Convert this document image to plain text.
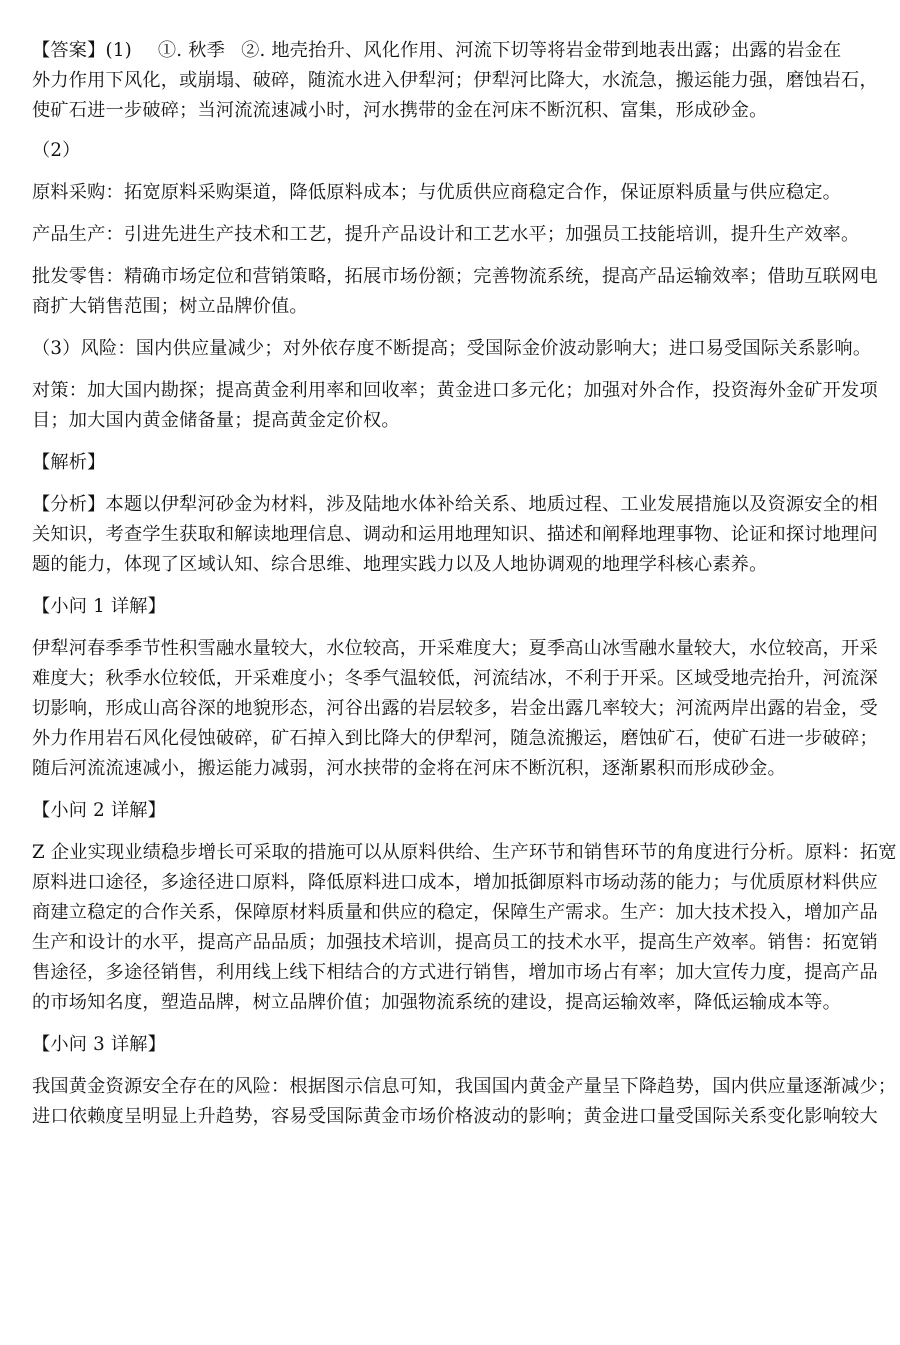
【答案】(1) ①. 秋季 ②. 地壳抬升、风化作用、河流下切等将岩金带到地表出露；出露的岩金在

外力作用下风化，或崩塌、破碎，随流水进入伊犁河；伊犁河比降大，水流急，搬运能力强，磨蚀岩石，

使矿石进一步破碎；当河流流速减小时，河水携带的金在河床不断沉积、富集，形成砂金。

（2）

原料采购：拓宽原料采购渠道，降低原料成本；与优质供应商稳定合作，保证原料质量与供应稳定。

产品生产：引进先进生产技术和工艺，提升产品设计和工艺水平；加强员工技能培训，提升生产效率。

批发零售：精确市场定位和营销策略，拓展市场份额；完善物流系统，提高产品运输效率；借助互联网电

商扩大销售范围；树立品牌价值。

（3）风险：国内供应量减少；对外依存度不断提高；受国际金价波动影响大；进口易受国际关系影响。

对策：加大国内勘探；提高黄金利用率和回收率；黄金进口多元化；加强对外合作，投资海外金矿开发项

目；加大国内黄金储备量；提高黄金定价权。

【解析】

【分析】本题以伊犁河砂金为材料，涉及陆地水体补给关系、地质过程、工业发展措施以及资源安全的相

关知识，考查学生获取和解读地理信息、调动和运用地理知识、描述和阐释地理事物、论证和探讨地理问

题的能力，体现了区域认知、综合思维、地理实践力以及人地协调观的地理学科核心素养。

【小问 1 详解】

伊犁河春季季节性积雪融水量较大，水位较高，开采难度大；夏季高山冰雪融水量较大，水位较高，开采

难度大；秋季水位较低，开采难度小；冬季气温较低，河流结冰，不利于开采。区域受地壳抬升，河流深

切影响，形成山高谷深的地貌形态，河谷出露的岩层较多，岩金出露几率较大；河流两岸出露的岩金，受

外力作用岩石风化侵蚀破碎，矿石掉入到比降大的伊犁河，随急流搬运，磨蚀矿石，使矿石进一步破碎；

随后河流流速减小，搬运能力减弱，河水挟带的金将在河床不断沉积，逐渐累积而形成砂金。

【小问 2 详解】

Z 企业实现业绩稳步增长可采取的措施可以从原料供给、生产环节和销售环节的角度进行分析。原料：拓宽

原料进口途径，多途径进口原料，降低原料进口成本，增加抵御原料市场动荡的能力；与优质原材料供应

商建立稳定的合作关系，保障原材料质量和供应的稳定，保障生产需求。生产：加大技术投入，增加产品

生产和设计的水平，提高产品品质；加强技术培训，提高员工的技术水平，提高生产效率。销售：拓宽销

售途径，多途径销售，利用线上线下相结合的方式进行销售，增加市场占有率；加大宣传力度，提高产品

的市场知名度，塑造品牌，树立品牌价值；加强物流系统的建设，提高运输效率，降低运输成本等。

【小问 3 详解】

我国黄金资源安全存在的风险：根据图示信息可知，我国国内黄金产量呈下降趋势，国内供应量逐渐减少；

进口依赖度呈明显上升趋势，容易受国际黄金市场价格波动的影响；黄金进口量受国际关系变化影响较大
